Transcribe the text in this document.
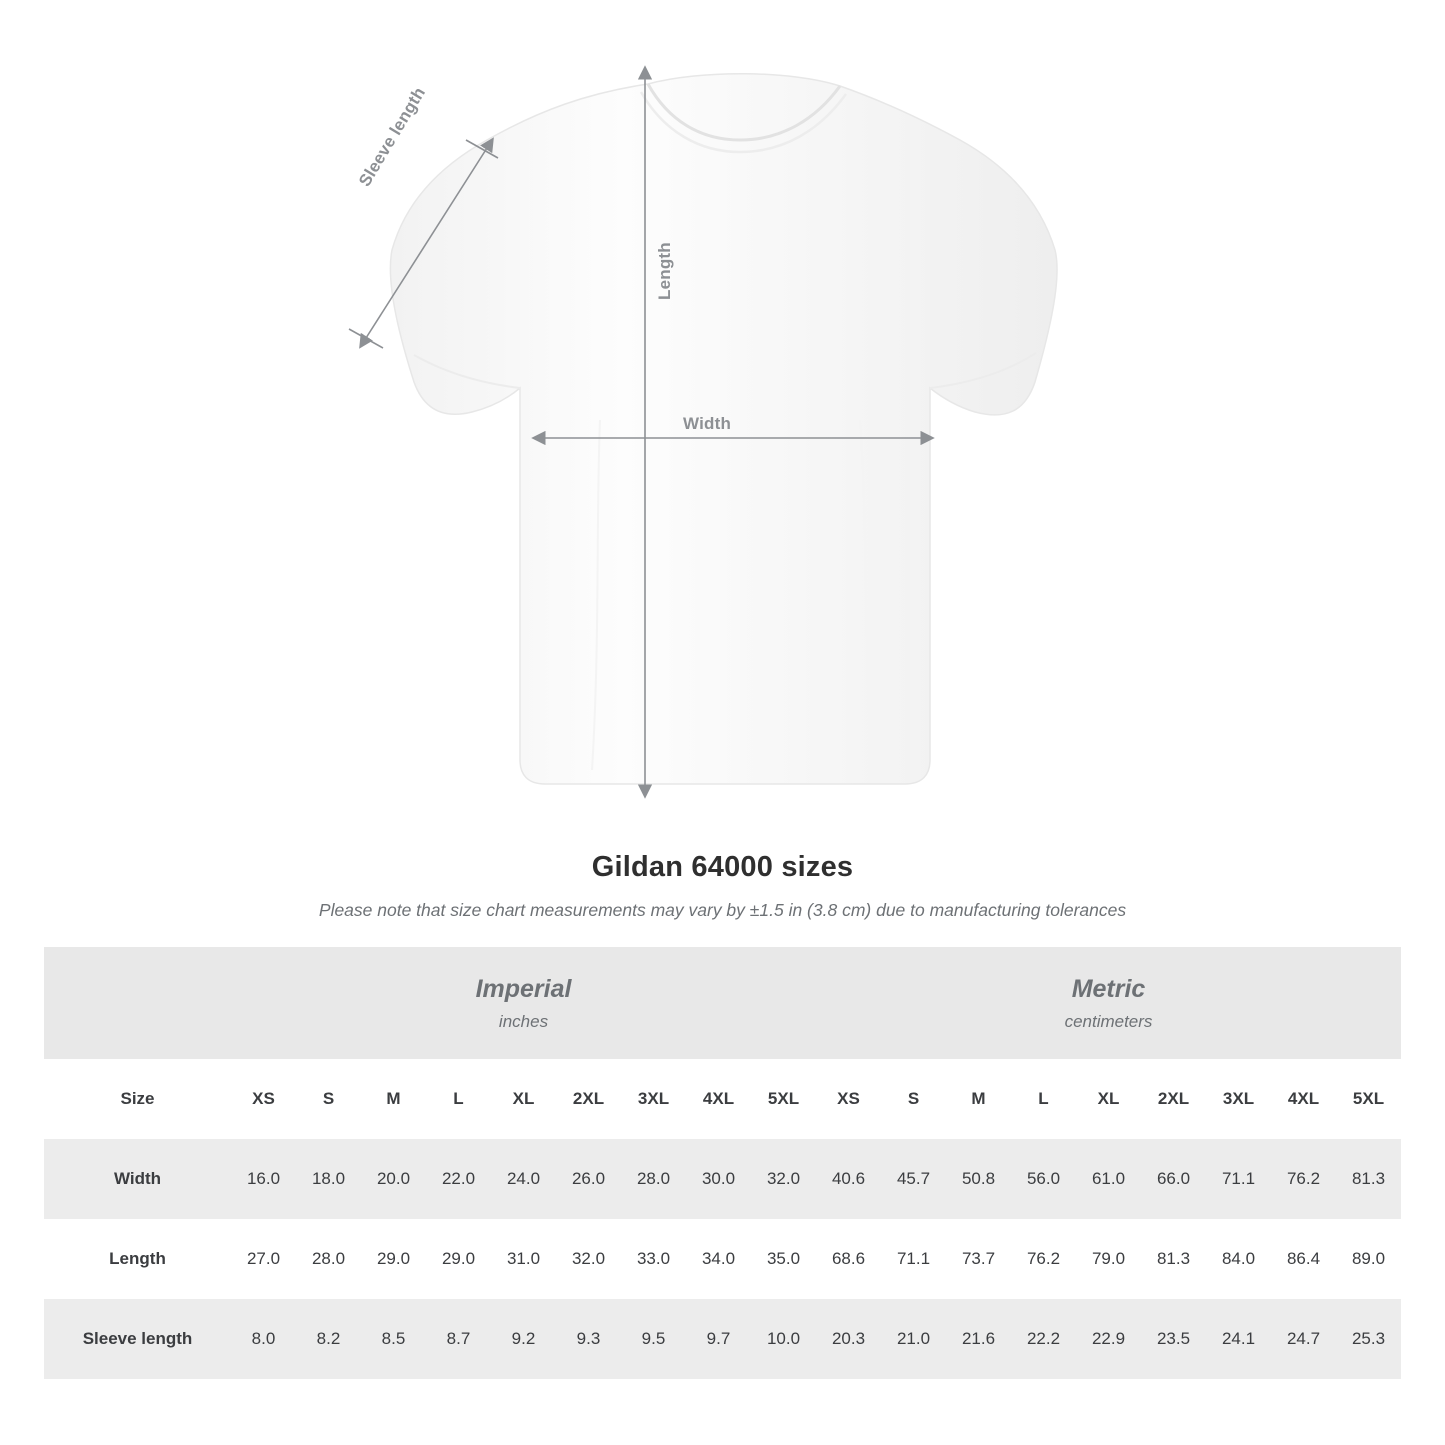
Sleeve length
Length
Width
Gildan 64000 sizes
Please note that size chart measurements may vary by ±1.5 in (3.8 cm) due to manufacturing tolerances

Imperial
inches

Metric
centimeters

Size	XS	S	M	L	XL	2XL	3XL	4XL	5XL	XS	S	M	L	XL	2XL	3XL	4XL	5XL
Width	16.0	18.0	20.0	22.0	24.0	26.0	28.0	30.0	32.0	40.6	45.7	50.8	56.0	61.0	66.0	71.1	76.2	81.3
Length	27.0	28.0	29.0	29.0	31.0	32.0	33.0	34.0	35.0	68.6	71.1	73.7	76.2	79.0	81.3	84.0	86.4	89.0
Sleeve length	8.0	8.2	8.5	8.7	9.2	9.3	9.5	9.7	10.0	20.3	21.0	21.6	22.2	22.9	23.5	24.1	24.7	25.3
